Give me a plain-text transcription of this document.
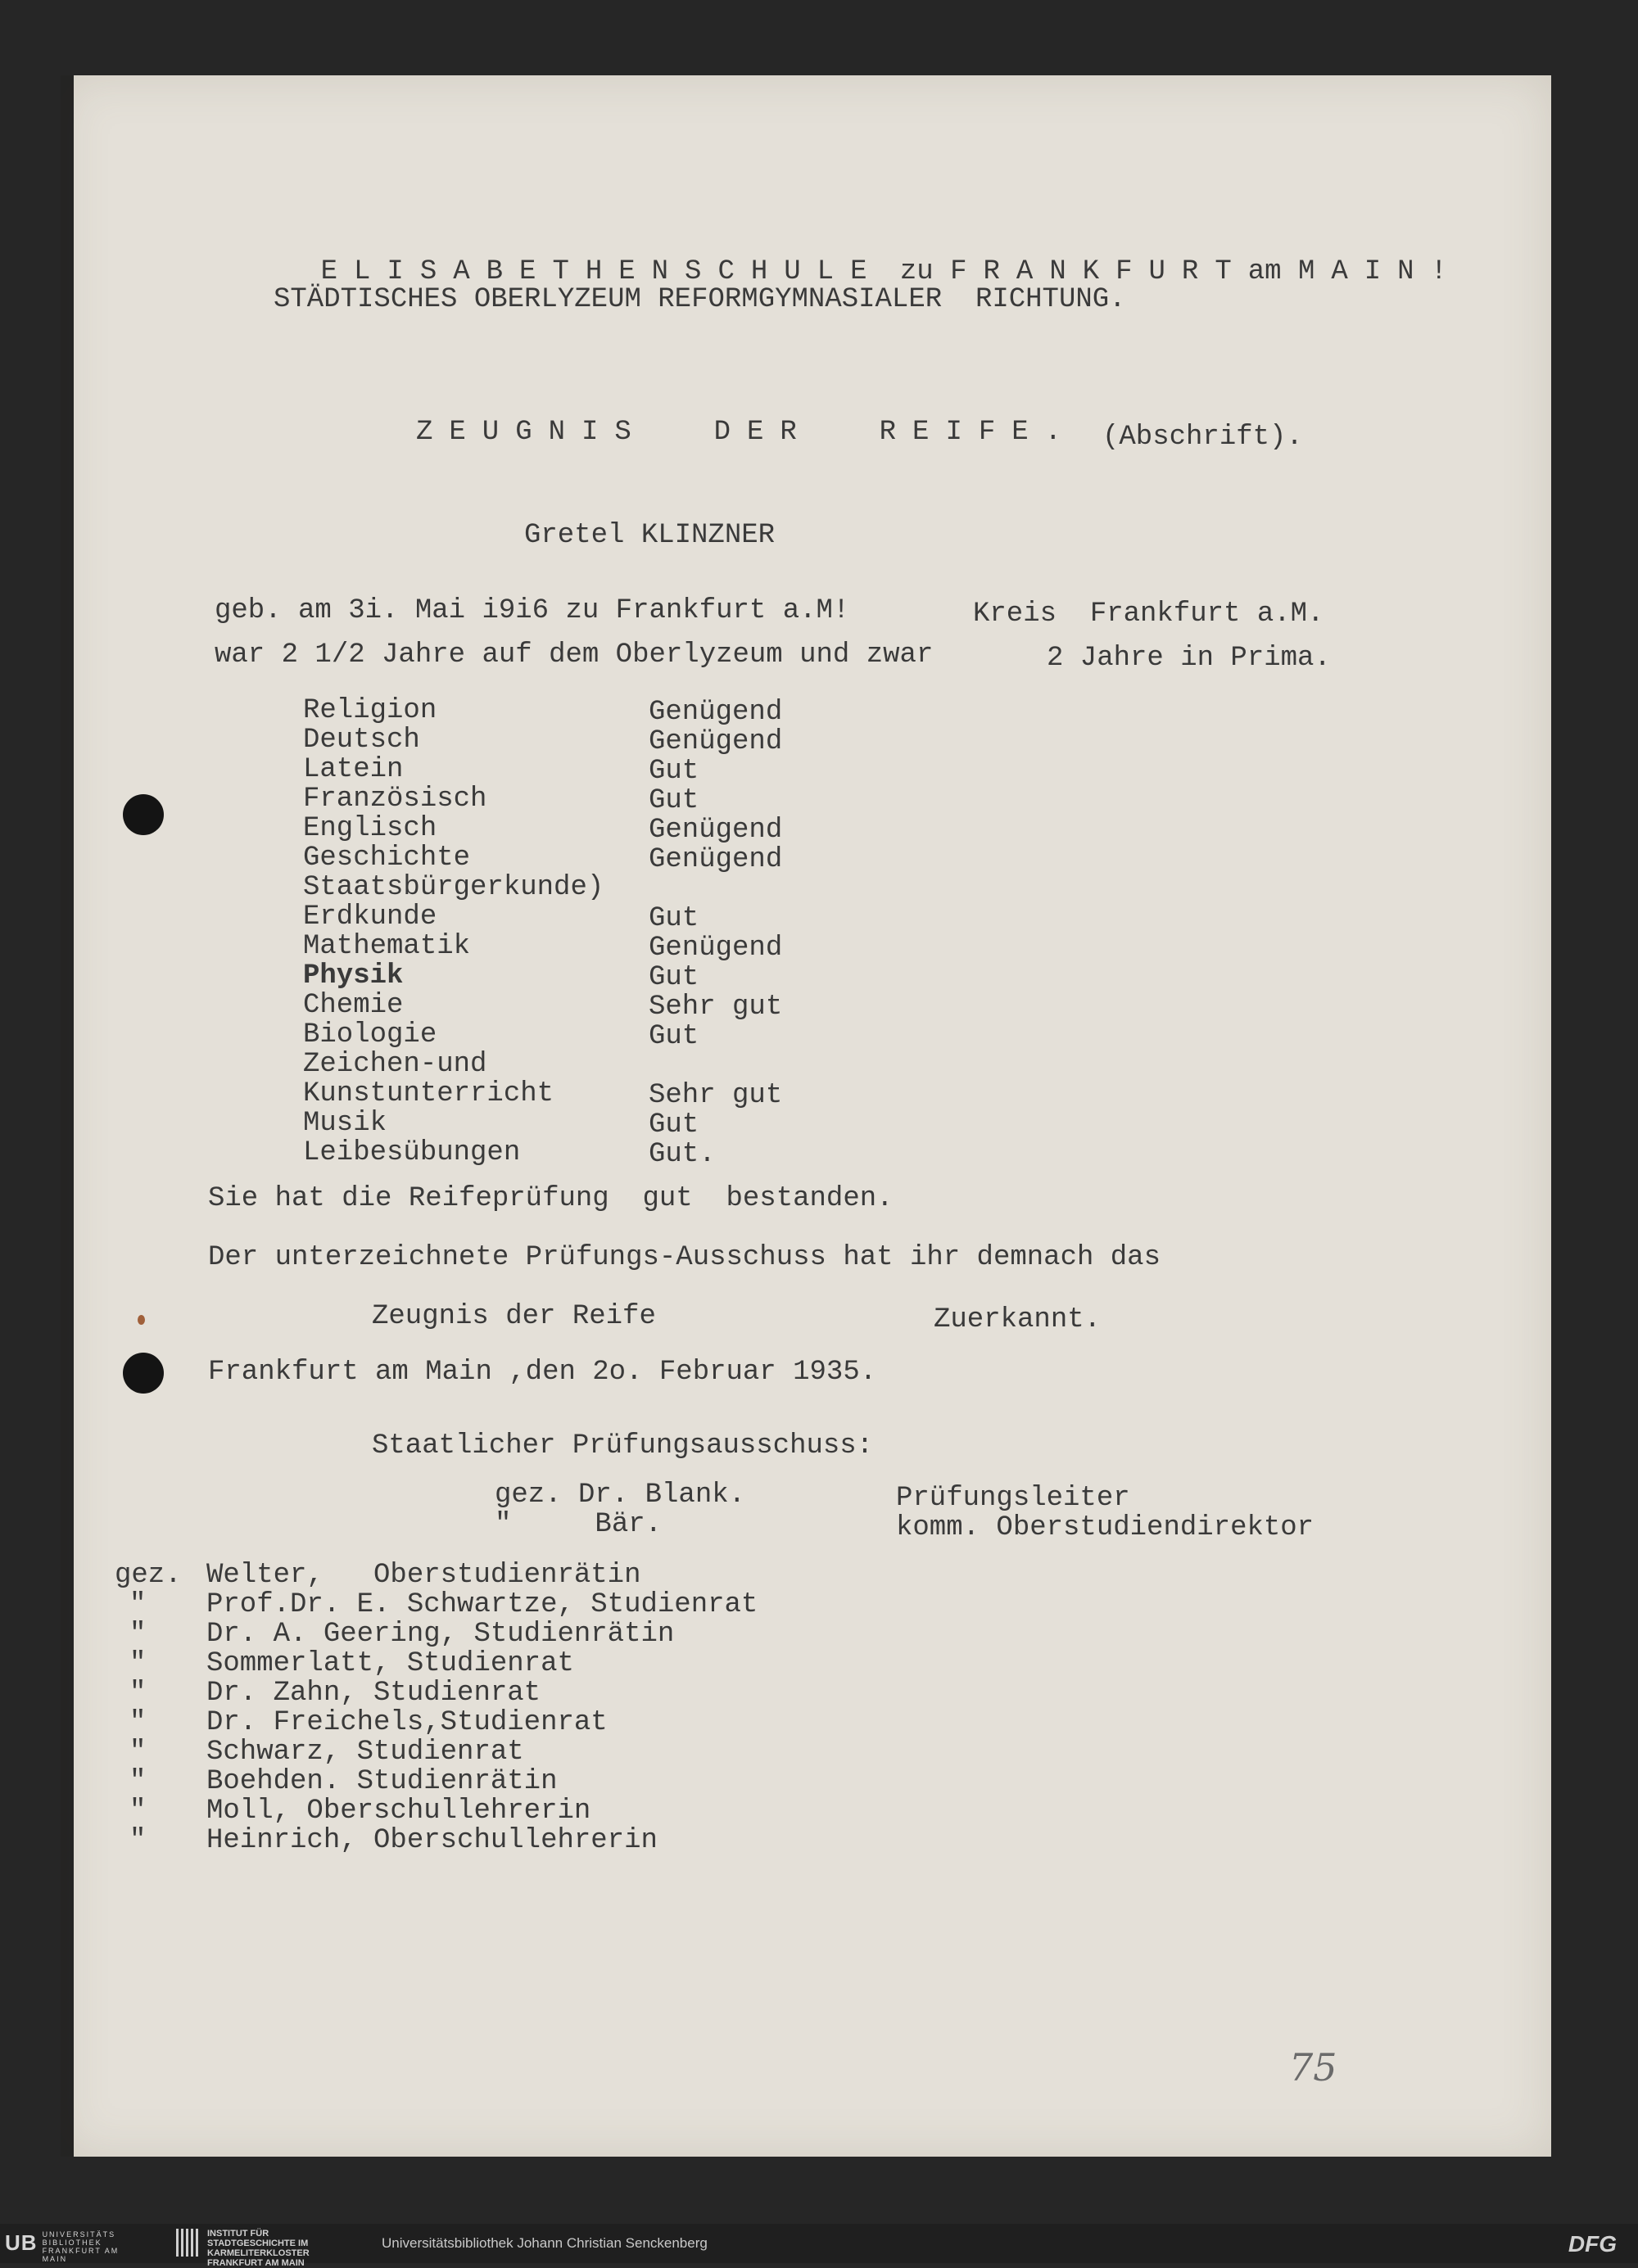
ELISABETHENSCHULE zu FRANKFURTam MAIN!

STÄDTISCHES OBERLYZEUM REFORMGYMNASIALER  RICHTUNG.
ZEUGNIS  DER  REIFE. (Abschrift).
Gretel KLINZNER
geb. am 3i. Mai i9i6 zu Frankfurt a.M!	Kreis  Frankfurt a.M.
war 2 1/2 Jahre auf dem Oberlyzeum und zwar	2 Jahre in Prima.
Religion	Genügend
Deutsch	Genügend
Latein	Gut
Französisch	Gut
Englisch	Genügend
Geschichte	Genügend
Staatsbürgerkunde)
Erdkunde	Gut
Mathematik	Genügend
Physik	Gut
Chemie	Sehr gut
Biologie	Gut
Zeichen-und
Kunstunterricht	Sehr gut
Musik	Gut
Leibesübungen	Gut.
Sie hat die Reifeprüfung  gut  bestanden.
Der unterzeichnete Prüfungs-Ausschuss hat ihr demnach das
Zeugnis der Reife	Zuerkannt.
Frankfurt am Main ,den 2o. Februar 1935.
Staatlicher Prüfungsausschuss:
gez. Dr. Blank.	Prüfungsleiter
"     Bär.	komm. Oberstudiendirektor
gez. Welter,   Oberstudienrätin
" Prof.Dr. E. Schwartze, Studienrat
" Dr. A. Geering, Studienrätin
" Sommerlatt, Studienrat
" Dr. Zahn, Studienrat
" Dr. Freichels,Studienrat
" Schwarz, Studienrat
" Boehden. Studienrätin
" Moll, Oberschullehrerin
" Heinrich, Oberschullehrerin
75
UB UNIVERSITÄTS BIBLIOTHEK FRANKFURT AM MAIN
INSTITUT FÜR STADTGESCHICHTE IM KARMELITERKLOSTER FRANKFURT AM MAIN
Universitätsbibliothek Johann Christian Senckenberg	DFG
